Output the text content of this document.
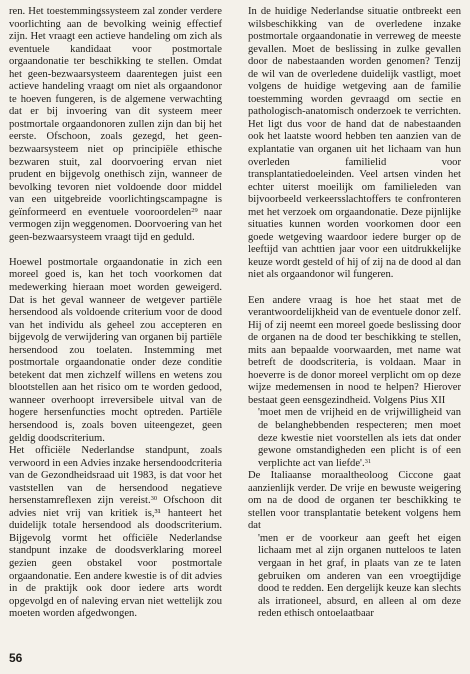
ren. Het toestemmingssysteem zal zonder verdere voorlichting aan de bevolking weinig effectief zijn. Het vraagt een actieve handeling om zich als eventuele kandidaat voor postmortale orgaandonatie ter beschikking te stellen. Omdat het geen-bezwaarsysteem daarentegen juist een actieve handeling vraagt om niet als orgaandonor te hoeven fungeren, is de algemene verwachting dat er bij invoering van dit systeem meer postmortale orgaandonoren zullen zijn dan bij het eerste. Ofschoon, zoals gezegd, het geen-bezwaarsysteem niet op principiële ethische bezwaren stuit, zal doorvoering ervan niet prudent en bijgevolg onethisch zijn, wanneer de bevolking tevoren niet voldoende door middel van een uitgebreide voorlichtingscampagne is geïnformeerd en eventuele vooroordelen$^{29}$ naar vermogen zijn weggenomen. Doorvoering van het geen-bezwaarsysteem vraagt tijd en geduld.

Hoewel postmortale orgaandonatie in zich een moreel goed is, kan het toch voorkomen dat medewerking hieraan moet worden geweigerd. Dat is het geval wanneer de wetgever partiële hersendood als voldoende criterium voor de dood van het individu als geheel zou accepteren en bijgevolg de verwijdering van organen bij partiële hersendood zou toelaten. Instemming met postmortale orgaandonatie onder deze conditie betekent dat men zichzelf willens en wetens zou blootstellen aan het risico om te worden gedood, wanneer overhoopt irreversibele uitval van de hogere hersenfuncties mocht optreden. Partiële hersendood is, zoals boven uiteengezet, geen geldig doodscriterium.

Het officiële Nederlandse standpunt, zoals verwoord in een Advies inzake hersendoodcriteria van de Gezondheidsraad uit 1983, is dat voor het vaststellen van de hersendood negatieve hersenstamreflexen zijn vereist.$^{30}$ Ofschoon dit advies niet vrij van kritiek is,³¹ hanteert het duidelijk totale hersendood als doodscriterium. Bijgevolg vormt het officiële Nederlandse standpunt inzake de doodsverklaring moreel gezien geen obstakel voor postmortale orgaandonatie. Een andere kwestie is of dit advies in de praktijk ook door iedere arts wordt opgevolgd en of naleving ervan niet wettelijk zou moeten worden afgedwongen.

In de huidige Nederlandse situatie ontbreekt een wilsbeschikking van de overledene inzake postmortale orgaandonatie in verreweg de meeste gevallen. Moet de beslissing in zulke gevallen door de nabestaanden worden genomen? Tenzij de wil van de overledene duidelijk vastligt, moet volgens de huidige wetgeving aan de familie toestemming worden gevraagd om sectie en pathologisch-anatomisch onderzoek te verrichten. Het ligt dus voor de hand dat de nabestaanden ook het laatste woord hebben ten aanzien van de explantatie van organen uit het lichaam van hun overleden familielid voor transplantatiedoeleinden. Veel artsen vinden het echter uiterst moeilijk om familieleden van bijvoorbeeld verkeersslachtoffers te confronteren met het verzoek om orgaandonatie. Deze pijnlijke situaties kunnen worden voorkomen door een goede wetgeving waardoor iedere burger op de leeftijd van achttien jaar voor een uitdrukkelijke keuze wordt gesteld of hij of zij na de dood al dan niet als orgaandonor wil fungeren.

Een andere vraag is hoe het staat met de verantwoordelijkheid van de eventuele donor zelf. Hij of zij neemt een moreel goede beslissing door de organen na de dood ter beschikking te stellen, mits aan bepaalde voorwaarden, met name wat betreft de doodscriteria, is voldaan. Maar in hoeverre is de donor moreel verplicht om op deze wijze medemensen in nood te helpen? Hierover bestaat geen eensgezindheid. Volgens Pius XII

'moet men de vrijheid en de vrijwilligheid van de belanghebbenden respecteren; men moet deze kwestie niet voorstellen als iets dat onder gewone omstandigheden een plicht is of een verplichte act van liefde'.$^{31}$

De Italiaanse moraaltheoloog Ciccone gaat aanzienlijk verder. De vrije en bewuste weigering om na de dood de organen ter beschikking te stellen voor transplantatie betekent volgens hem dat

'men er de voorkeur aan geeft het eigen lichaam met al zijn organen nutteloos te laten vergaan in het graf, in plaats van ze te laten gebruiken om anderen van een vroegtijdige dood te redden. Een dergelijk keuze kan slechts als irrationeel, absurd, en alleen al om deze reden ethisch ontoelaatbaar

56
